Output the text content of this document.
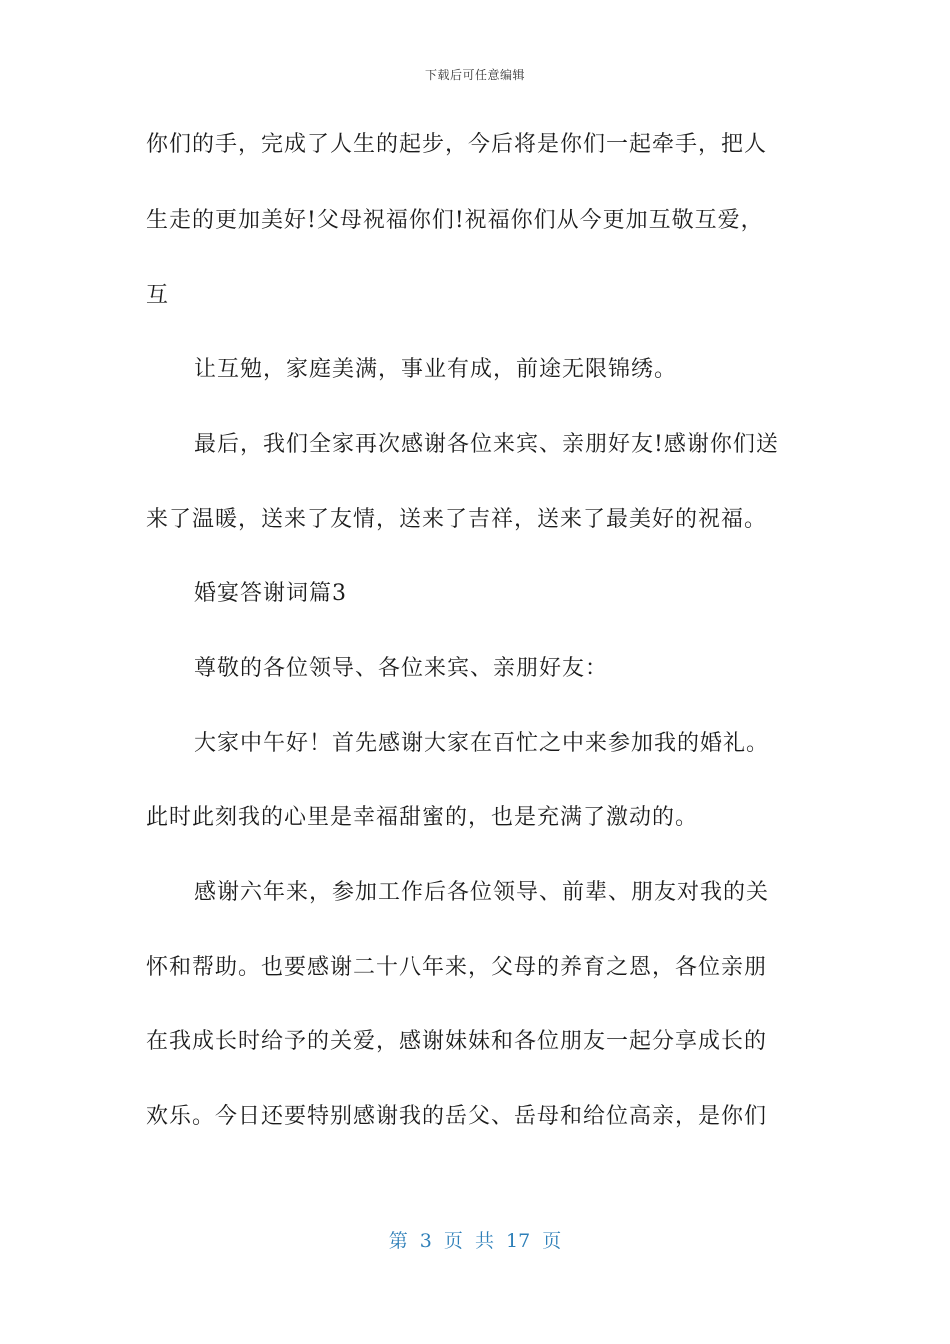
下载后可任意编辑
你们的手，完成了人生的起步，今后将是你们一起牵手，把人
生走的更加美好!父母祝福你们!祝福你们从今更加互敬互爱，
互
让互勉，家庭美满，事业有成，前途无限锦绣。
最后，我们全家再次感谢各位来宾、亲朋好友!感谢你们送
来了温暖，送来了友情，送来了吉祥，送来了最美好的祝福。
婚宴答谢词篇3
尊敬的各位领导、各位来宾、亲朋好友：
大家中午好！首先感谢大家在百忙之中来参加我的婚礼。
此时此刻我的心里是幸福甜蜜的，也是充满了激动的。
感谢六年来，参加工作后各位领导、前辈、朋友对我的关
怀和帮助。也要感谢二十八年来，父母的养育之恩，各位亲朋
在我成长时给予的关爱，感谢妹妹和各位朋友一起分享成长的
欢乐。今日还要特别感谢我的岳父、岳母和给位高亲，是你们
第 3 页 共 17 页
